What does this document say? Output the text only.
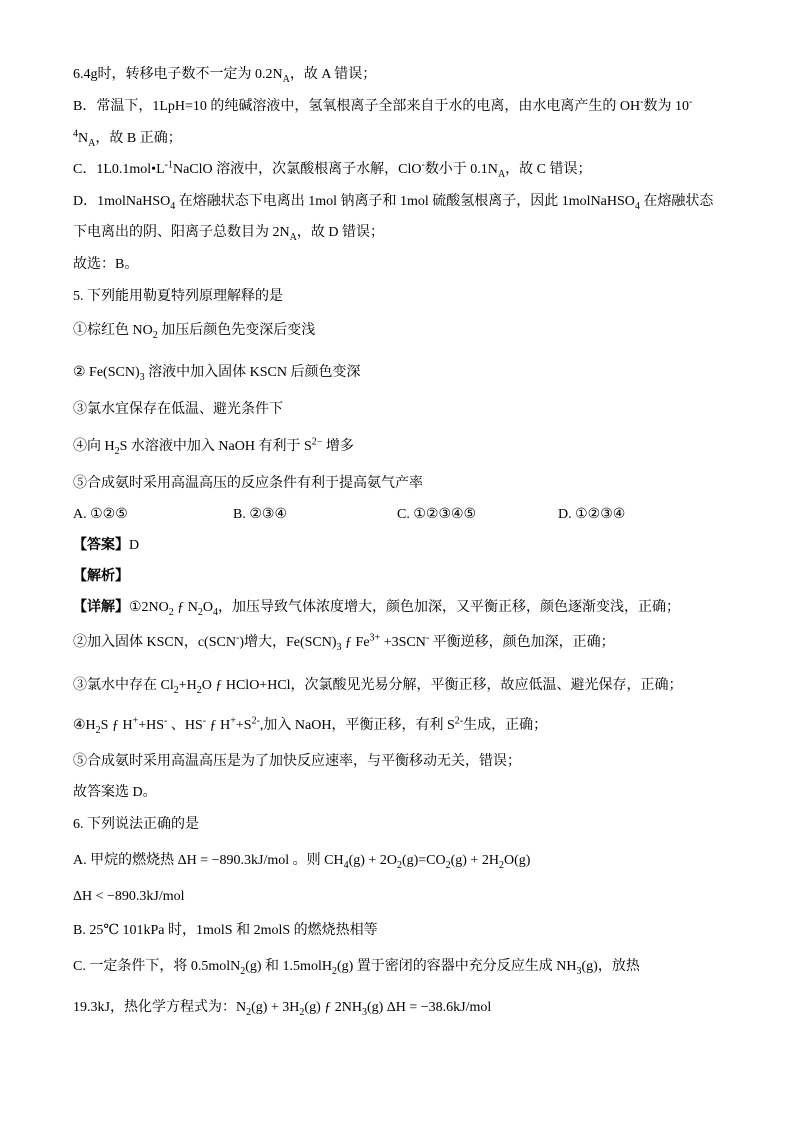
6.4g时，转移电子数不一定为 $0.2N_A$，故 A 错误；
B．常温下，1LpH=10 的纯碱溶液中，氢氧根离子全部来自于水的电离，由水电离产生的 OH-数为 10-
$^4N_A$，故 B 正确；
C．$1L0.1mol•L^{-1}NaClO$ 溶液中，次氯酸根离子水解，ClO-数小于 $0.1N_A$，故 C 错误；
D．1molNaHSO$_4$ 在熔融状态下电离出 1mol 钠离子和 1mol 硫酸氢根离子，因此 1molNaHSO$_4$ 在熔融状态
下电离出的阴、阳离子总数目为 $2N_A$，故 D 错误；
故选：B。
5. 下列能用勒夏特列原理解释的是
①棕红色 $NO_2$ 加压后颜色先变深后变浅
② $Fe(SCN)_3$ 溶液中加入固体 KSCN 后颜色变深
③氯水宜保存在低温、避光条件下
④向 $H_2S$ 水溶液中加入 NaOH 有利于 $S^{2-}$ 增多
⑤合成氨时采用高温高压的反应条件有利于提高氨气产率
A. ①②⑤	B. ②③④	C. ①②③④⑤	D. ①②③④
【答案】D
【解析】
【详解】$①2NO_2$ ƒ $N_2O_4$，加压导致气体浓度增大，颜色加深，又平衡正移，颜色逐渐变浅，正确；
②加入固体 KSCN，c(SCN-)增大，$Fe(SCN)_3$ ƒ $Fe^{3+} +3SCN^-$ 平衡逆移，颜色加深，正确；
③氯水中存在 $Cl_2+H_2O$ ƒ HClO+HCl，次氯酸见光易分解，平衡正移，故应低温、避光保存，正确；
$④H_2S$ ƒ H++HS- 、HS- ƒ $H^++S^{2-}$,加入 NaOH，平衡正移，有利 $S^{2-}$生成，正确；
⑤合成氨时采用高温高压是为了加快反应速率，与平衡移动无关，错误；
故答案选 D。
6. 下列说法正确的是
A. 甲烷的燃烧热 ΔH = −890.3kJ/mol 。则 $CH_4(g) + 2O_2(g)=CO_2(g) + 2H_2O(g)$
ΔH < −890.3kJ/mol
B. 25℃ 101kPa 时，1molS 和 2molS 的燃烧热相等
C. 一定条件下，将 0.5molN$_2$(g) 和 1.5molH$_2$(g) 置于密闭的容器中充分反应生成 $NH_3(g)$，放热
19.3kJ，热化学方程式为：$N_2(g) + 3H_2(g)$ ƒ $2NH_3(g) \Delta H = -38.6kJ/mol$
